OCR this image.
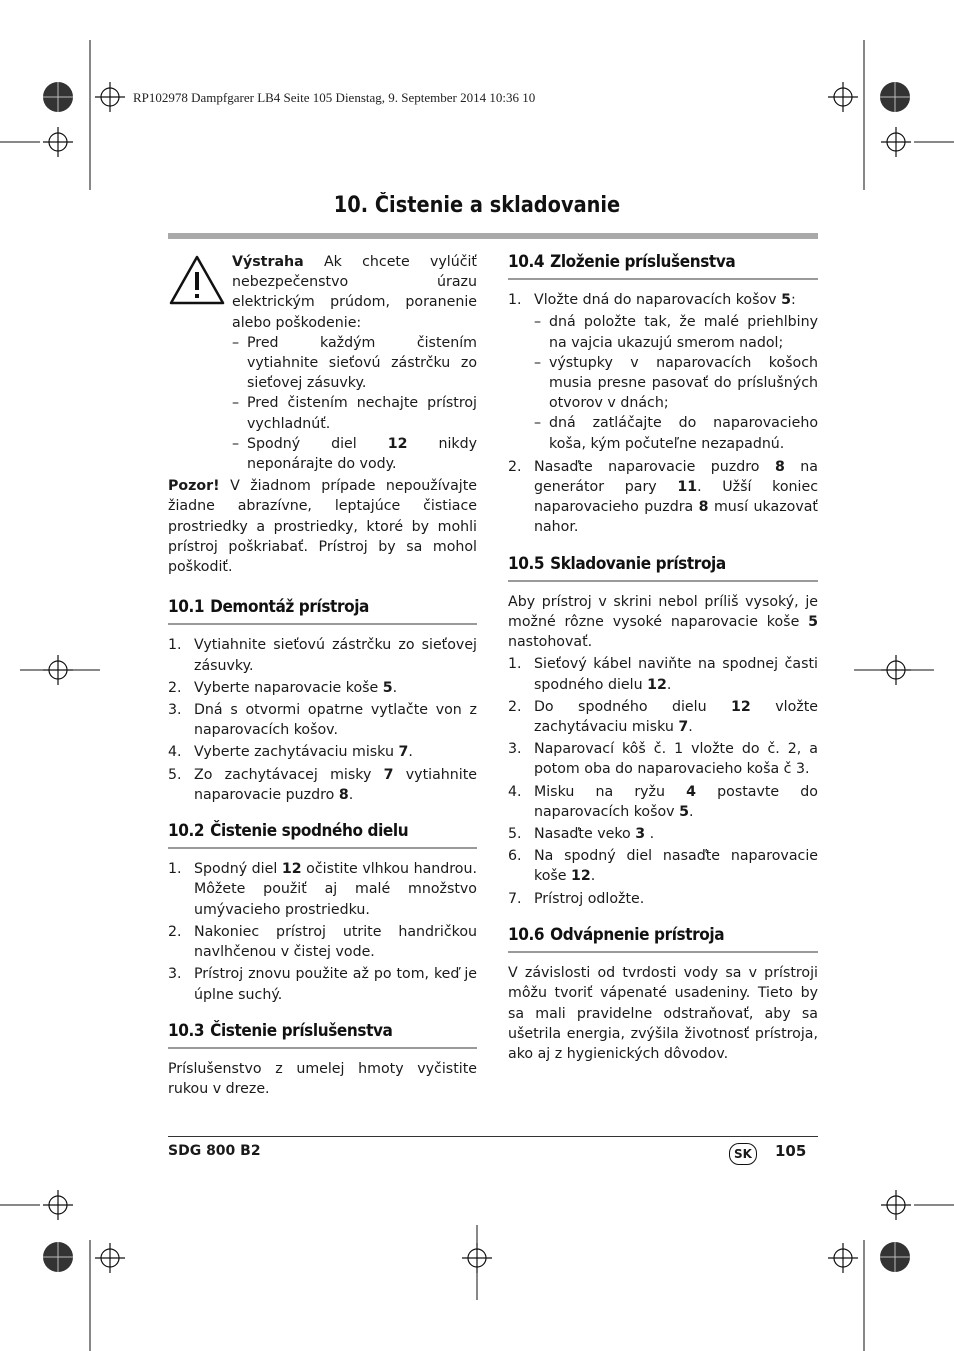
RP102978 Dampfgarer LB4 Seite 105 Dienstag, 9. September 2014 10:36 10
10. Čistenie a skladovanie

Výstraha Ak chcete vylúčiť nebezpečenstvo úrazu elektrickým prúdom, poranenie alebo poškodenie:

– Pred každým čistením vytiahnite sieťovú zástrčku zo sieťovej zásuvky.
– Pred čistením nechajte prístroj vychladnúť.
– Spodný diel 12 nikdy neponárajte do vody.

Pozor! V žiadnom prípade nepoužívajte žiadne abrazívne, leptajúce čistiace prostriedky a prostriedky, ktoré by mohli prístroj poškriabať. Prístroj by sa mohol poškodiť.

10.1 Demontáž prístroja
1. Vytiahnite sieťovú zástrčku zo sieťovej zásuvky.
2. Vyberte naparovacie koše 5.
3. Dná s otvormi opatrne vytlačte von z naparovacích košov.
4. Vyberte zachytávaciu misku 7.
5. Zo zachytávacej misky 7 vytiahnite naparovacie puzdro 8.
10.2 Čistenie spodného dielu
1. Spodný diel 12 očistite vlhkou handrou. Môžete použiť aj malé množstvo umývacieho prostriedku.
2. Nakoniec prístroj utrite handričkou navlhčenou v čistej vode.
3. Prístroj znovu použite až po tom, keď je úplne suchý.
10.3 Čistenie príslušenstva

Príslušenstvo z umelej hmoty vyčistite rukou v dreze.

10.4 Zloženie príslušenstva
1. Vložte dná do naparovacích košov 5:
– dná položte tak, že malé priehlbiny na vajcia ukazujú smerom nadol;
– výstupky v naparovacích košoch musia presne pasovať do príslušných otvorov v dnách;
– dná zatláčajte do naparovacieho koša, kým počuteľne nezapadnú.
2. Nasaďte naparovacie puzdro 8 na generátor pary 11. Užší koniec naparovacieho puzdra 8 musí ukazovať nahor.
10.5 Skladovanie prístroja

Aby prístroj v skrini nebol príliš vysoký, je možné rôzne vysoké naparovacie koše 5 nastohovať.

1. Sieťový kábel naviňte na spodnej časti spodného dielu 12.
2. Do spodného dielu 12 vložte zachytávaciu misku 7.
3. Naparovací kôš č. 1 vložte do č. 2, a potom oba do naparovacieho koša č 3.
4. Misku na ryžu 4 postavte do naparovacích košov 5.
5. Nasaďte veko 3 .
6. Na spodný diel nasaďte naparovacie koše 12.
7. Prístroj odložte.
10.6 Odvápnenie prístroja

V závislosti od tvrdosti vody sa v prístroji môžu tvoriť vápenaté usadeniny. Tieto by sa mali pravidelne odstraňovať, aby sa ušetrila energia, zvýšila životnosť prístroja, ako aj z hygienických dôvodov.

SDG 800 B2	SK	105
